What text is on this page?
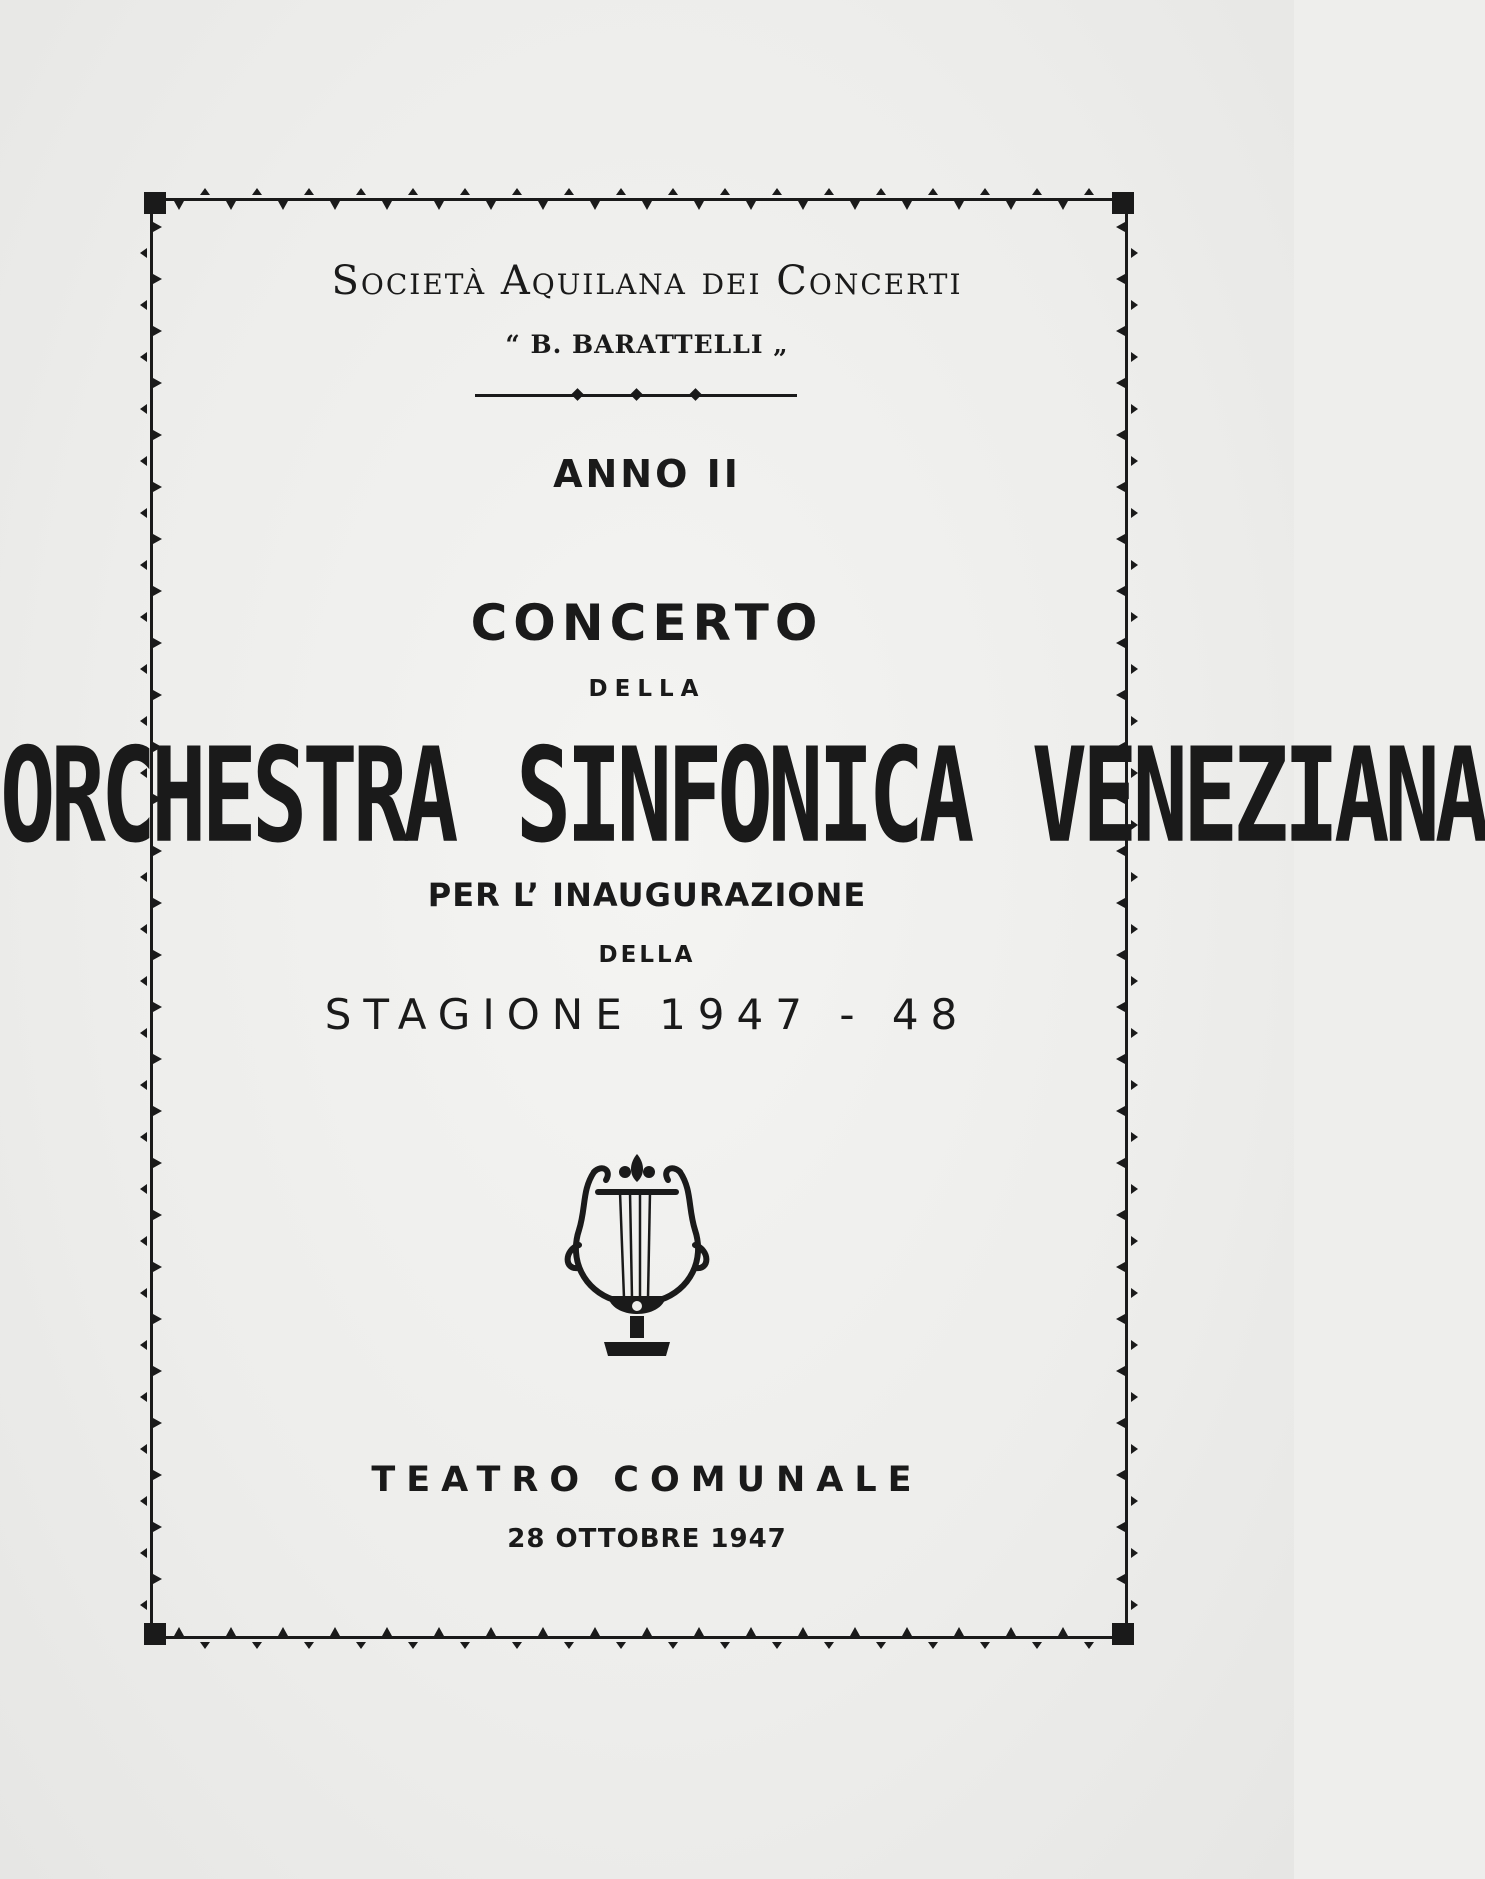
Società Aquilana dei Concerti
“ B. BARATTELLI „
ANNO II
CONCERTO
DELLA
ORCHESTRA SINFONICA VENEZIANA
PER L’ INAUGURAZIONE
DELLA
STAGIONE 1947 - 48
TEATRO COMUNALE
28 OTTOBRE 1947
